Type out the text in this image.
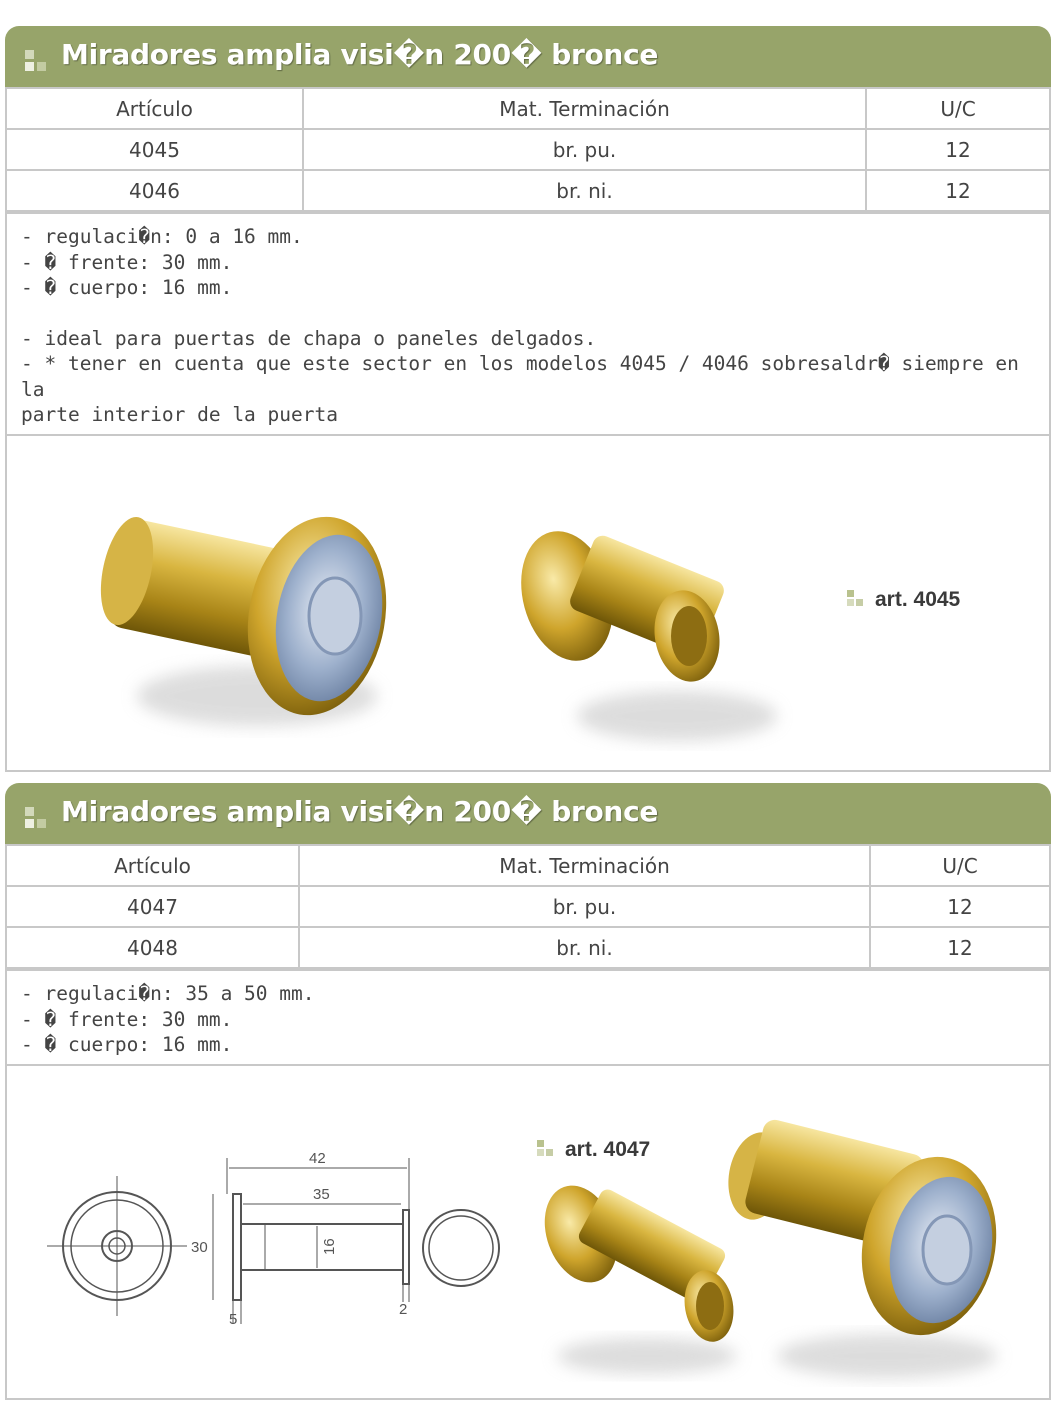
Miradores amplia visi�n 200� bronce
Artículo	Mat. Terminación	U/C
4045	br. pu.	12
4046	br. ni.	12
- regulaci�n: 0 a 16 mm.
- � frente: 30 mm.
- � cuerpo: 16 mm.
- ideal para puertas de chapa o paneles delgados.
- * tener en cuenta que este sector en los modelos 4045 / 4046 sobresaldr� siempre en la
parte interior de la puerta
art. 4045
Miradores amplia visi�n 200� bronce
Artículo	Mat. Terminación	U/C
4047	br. pu.	12
4048	br. ni.	12
- regulaci�n: 35 a 50 mm.
- � frente: 30 mm.
- � cuerpo: 16 mm.
42
35
30	16
5
2
art. 4047
